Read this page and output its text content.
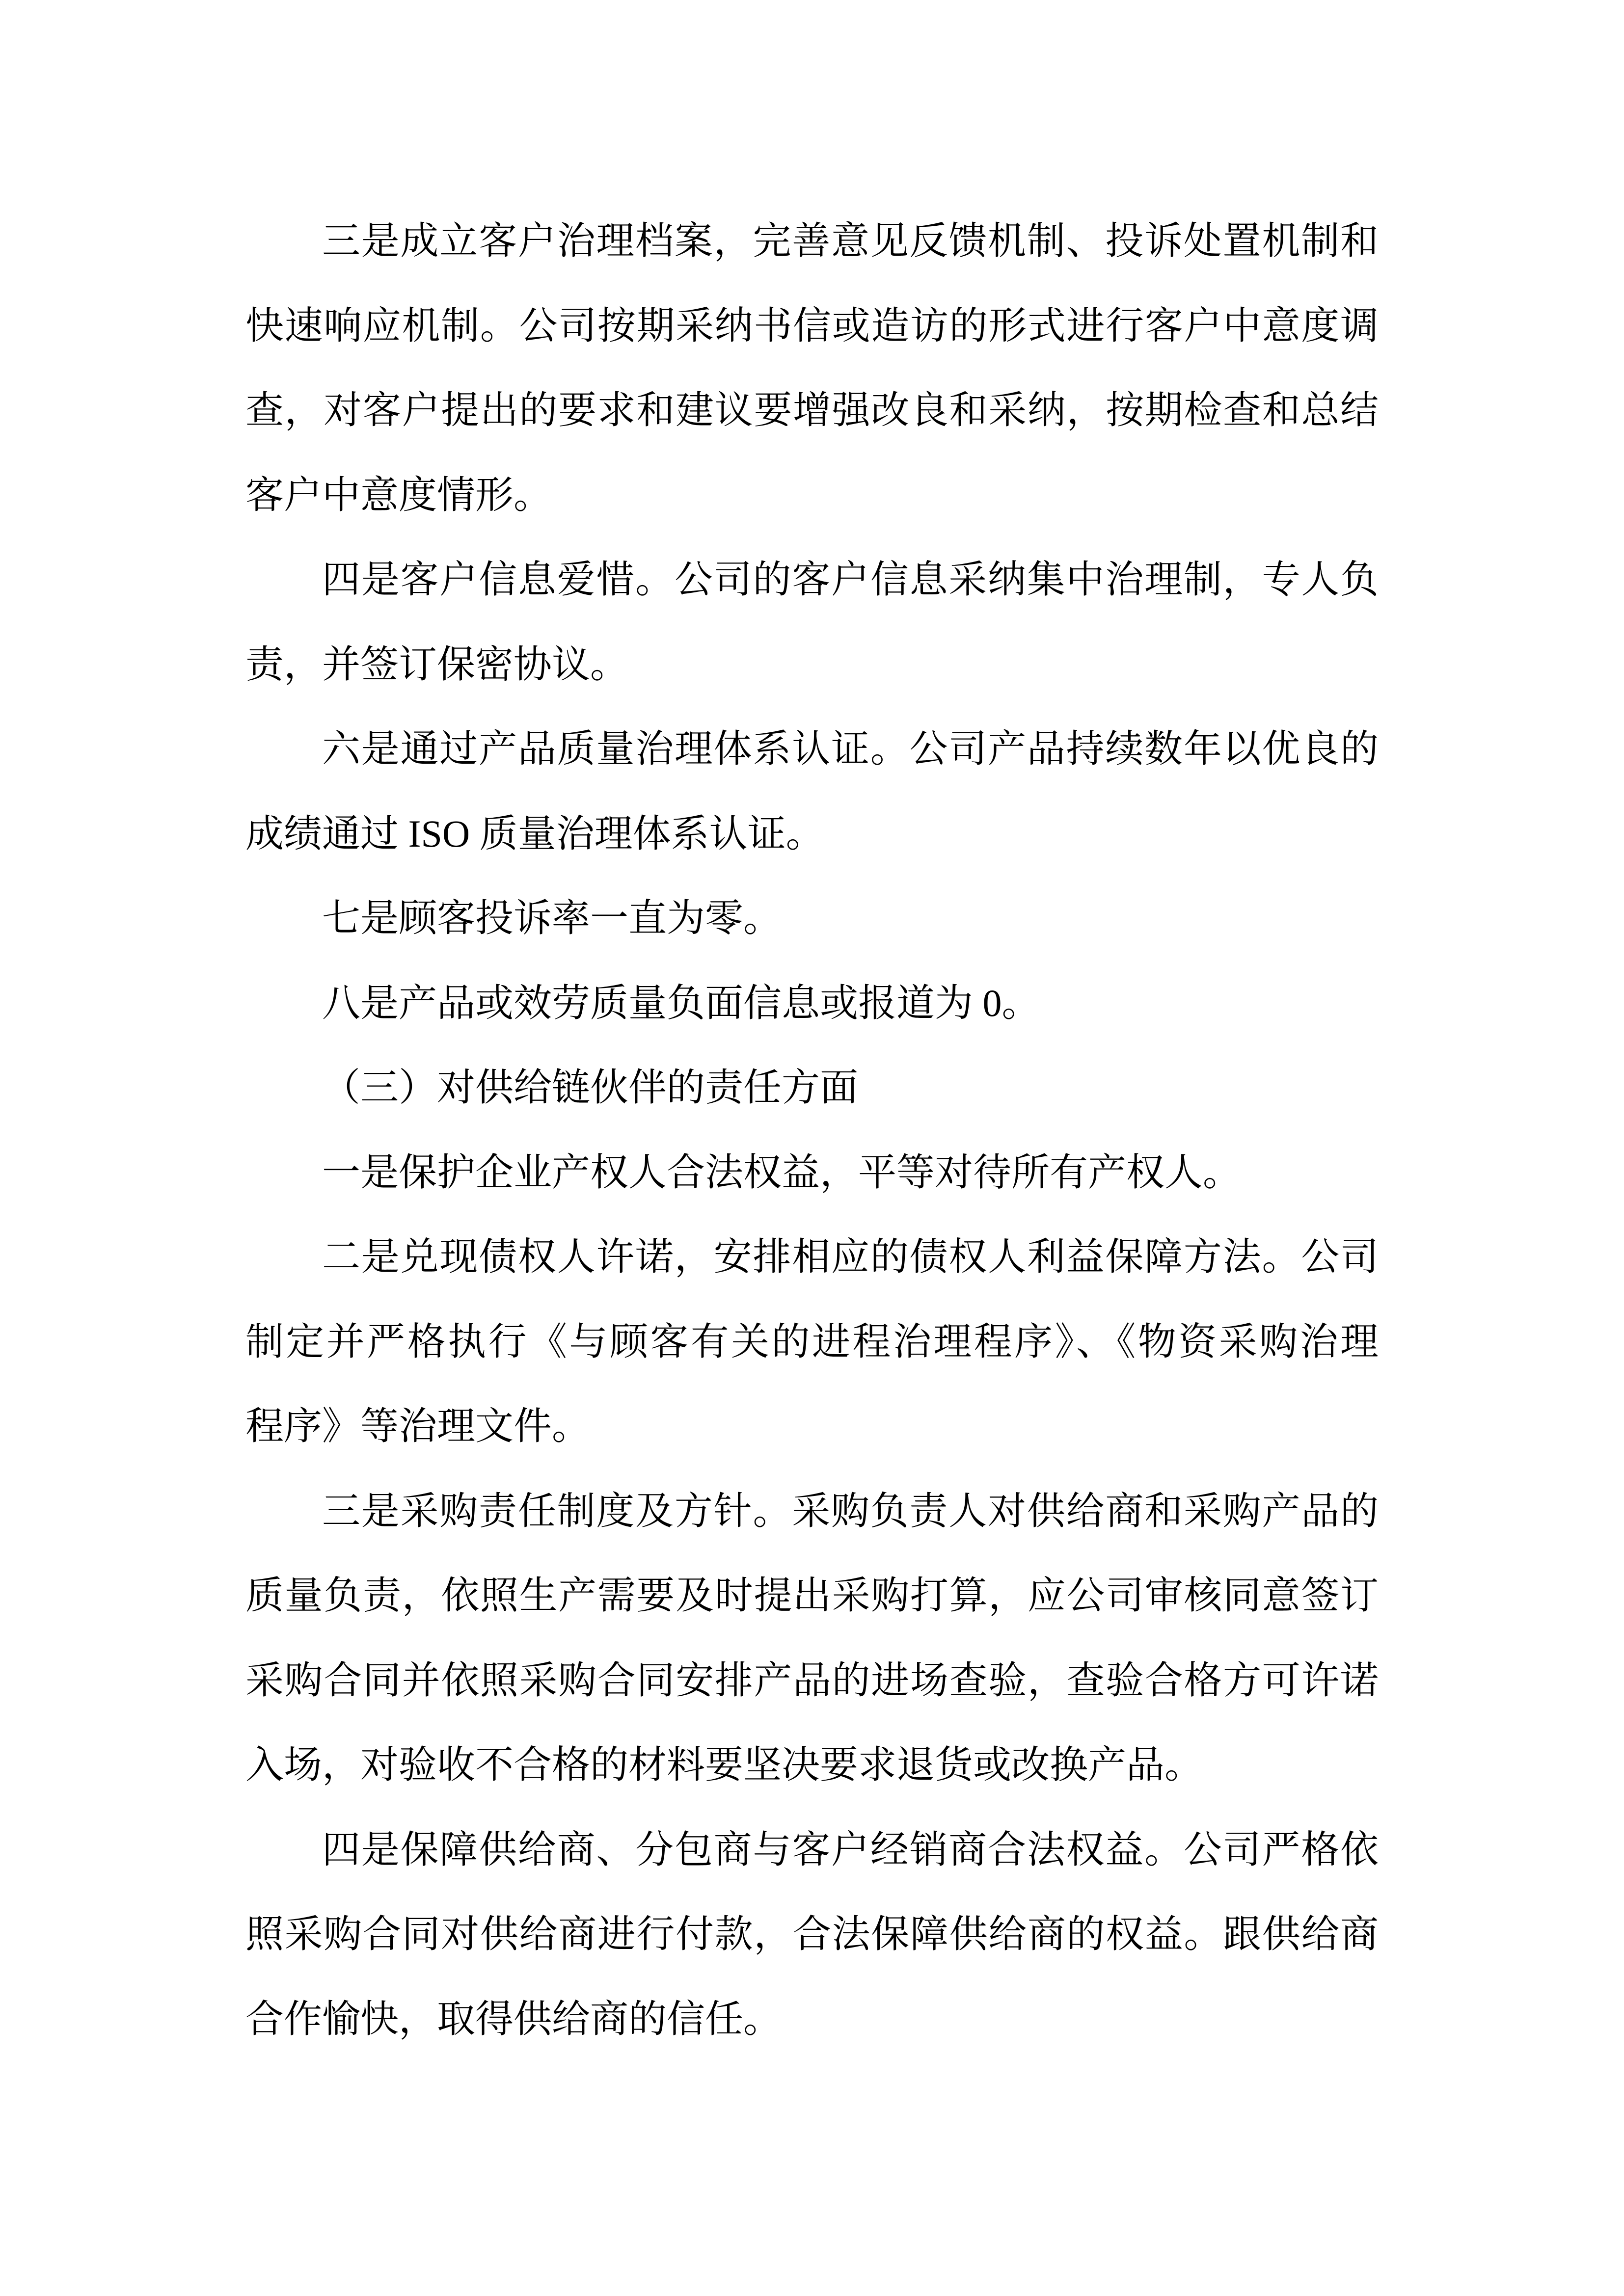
三是成立客户治理档案，完善意见反馈机制、投诉处置机制和
快速响应机制。公司按期采纳书信或造访的形式进行客户中意度调
查，对客户提出的要求和建议要增强改良和采纳，按期检查和总结
客户中意度情形。
四是客户信息爱惜。公司的客户信息采纳集中治理制，专人负
责，并签订保密协议。
六是通过产品质量治理体系认证。公司产品持续数年以优良的
成绩通过 ISO 质量治理体系认证。
七是顾客投诉率一直为零。
八是产品或效劳质量负面信息或报道为 0。
（三）对供给链伙伴的责任方面
一是保护企业产权人合法权益，平等对待所有产权人。
二是兑现债权人许诺，安排相应的债权人利益保障方法。公司
制定并严格执行《与顾客有关的进程治理程序》、《物资采购治理
程序》等治理文件。
三是采购责任制度及方针。采购负责人对供给商和采购产品的
质量负责，依照生产需要及时提出采购打算，应公司审核同意签订
采购合同并依照采购合同安排产品的进场查验，查验合格方可许诺
入场，对验收不合格的材料要坚决要求退货或改换产品。
四是保障供给商、分包商与客户经销商合法权益。公司严格依
照采购合同对供给商进行付款，合法保障供给商的权益。跟供给商
合作愉快，取得供给商的信任。
